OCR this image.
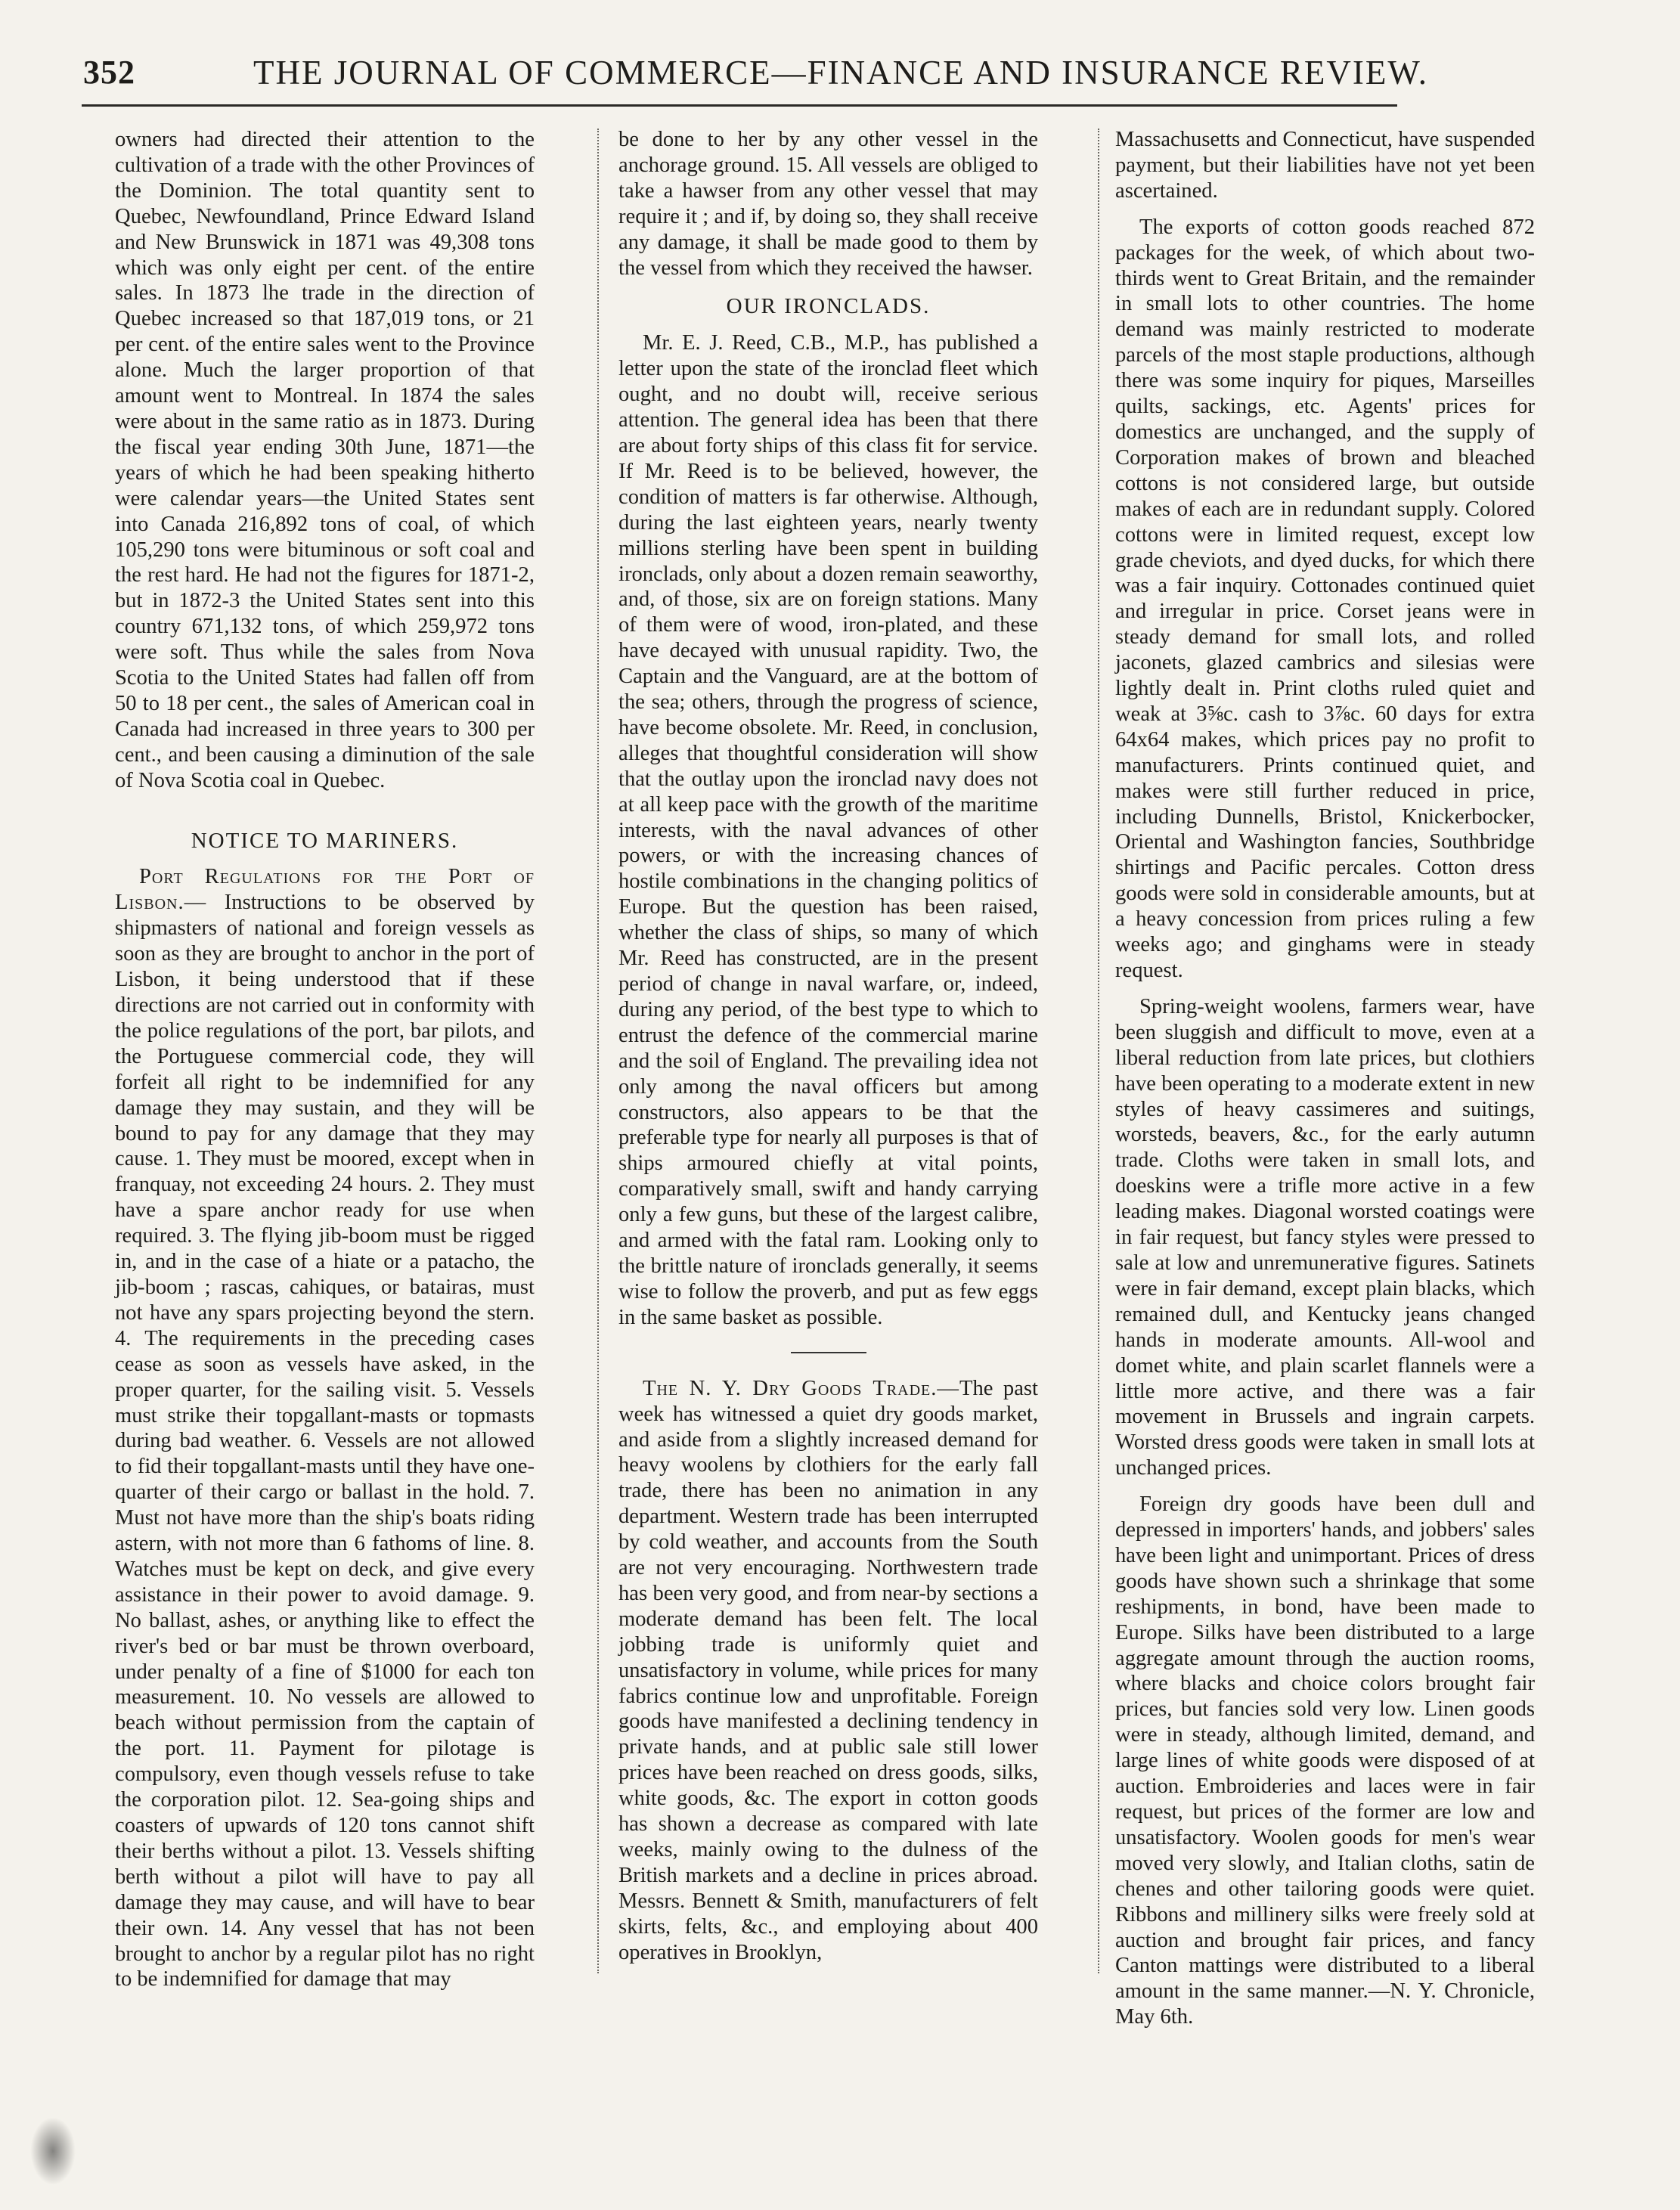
352	THE JOURNAL OF COMMERCE—FINANCE AND INSURANCE REVIEW.

owners had directed their attention to the cultivation of a trade with the other Provinces of the Dominion. The total quantity sent to Quebec, Newfoundland, Prince Edward Island and New Brunswick in 1871 was 49,308 tons which was only eight per cent. of the entire sales. In 1873 lhe trade in the direction of Quebec increased so that 187,019 tons, or 21 per cent. of the entire sales went to the Province alone. Much the larger proportion of that amount went to Montreal. In 1874 the sales were about in the same ratio as in 1873. During the fiscal year ending 30th June, 1871—the years of which he had been speaking hitherto were calendar years—the United States sent into Canada 216,892 tons of coal, of which 105,290 tons were bituminous or soft coal and the rest hard. He had not the figures for 1871-2, but in 1872-3 the United States sent into this country 671,132 tons, of which 259,972 tons were soft. Thus while the sales from Nova Scotia to the United States had fallen off from 50 to 18 per cent., the sales of American coal in Canada had increased in three years to 300 per cent., and been causing a diminution of the sale of Nova Scotia coal in Quebec.

NOTICE TO MARINERS.

Port Regulations for the Port of Lisbon.— Instructions to be observed by shipmasters of national and foreign vessels as soon as they are brought to anchor in the port of Lisbon, it being understood that if these directions are not carried out in conformity with the police regulations of the port, bar pilots, and the Portuguese commercial code, they will forfeit all right to be indemnified for any damage they may sustain, and they will be bound to pay for any damage that they may cause. 1. They must be moored, except when in franquay, not exceeding 24 hours. 2. They must have a spare anchor ready for use when required. 3. The flying jib-boom must be rigged in, and in the case of a hiate or a patacho, the jib-boom ; rascas, cahiques, or batairas, must not have any spars projecting beyond the stern. 4. The requirements in the preceding cases cease as soon as vessels have asked, in the proper quarter, for the sailing visit. 5. Vessels must strike their topgallant-masts or topmasts during bad weather. 6. Vessels are not allowed to fid their topgallant-masts until they have one-quarter of their cargo or ballast in the hold. 7. Must not have more than the ship's boats riding astern, with not more than 6 fathoms of line. 8. Watches must be kept on deck, and give every assistance in their power to avoid damage. 9. No ballast, ashes, or anything like to effect the river's bed or bar must be thrown overboard, under penalty of a fine of $1000 for each ton measurement. 10. No vessels are allowed to beach without permission from the captain of the port. 11. Payment for pilotage is compulsory, even though vessels refuse to take the corporation pilot. 12. Sea-going ships and coasters of upwards of 120 tons cannot shift their berths without a pilot. 13. Vessels shifting berth without a pilot will have to pay all damage they may cause, and will have to bear their own. 14. Any vessel that has not been brought to anchor by a regular pilot has no right to be indemnified for damage that may

be done to her by any other vessel in the anchorage ground. 15. All vessels are obliged to take a hawser from any other vessel that may require it ; and if, by doing so, they shall receive any damage, it shall be made good to them by the vessel from which they received the hawser.

OUR IRONCLADS.

Mr. E. J. Reed, C.B., M.P., has published a letter upon the state of the ironclad fleet which ought, and no doubt will, receive serious attention. The general idea has been that there are about forty ships of this class fit for service. If Mr. Reed is to be believed, however, the condition of matters is far otherwise. Although, during the last eighteen years, nearly twenty millions sterling have been spent in building ironclads, only about a dozen remain seaworthy, and, of those, six are on foreign stations. Many of them were of wood, iron-plated, and these have decayed with unusual rapidity. Two, the Captain and the Vanguard, are at the bottom of the sea; others, through the progress of science, have become obsolete. Mr. Reed, in conclusion, alleges that thoughtful consideration will show that the outlay upon the ironclad navy does not at all keep pace with the growth of the maritime interests, with the naval advances of other powers, or with the increasing chances of hostile combinations in the changing politics of Europe. But the question has been raised, whether the class of ships, so many of which Mr. Reed has constructed, are in the present period of change in naval warfare, or, indeed, during any period, of the best type to which to entrust the defence of the commercial marine and the soil of England. The prevailing idea not only among the naval officers but among constructors, also appears to be that the preferable type for nearly all purposes is that of ships armoured chiefly at vital points, comparatively small, swift and handy carrying only a few guns, but these of the largest calibre, and armed with the fatal ram. Looking only to the brittle nature of ironclads generally, it seems wise to follow the proverb, and put as few eggs in the same basket as possible.

The N. Y. Dry Goods Trade.—The past week has witnessed a quiet dry goods market, and aside from a slightly increased demand for heavy woolens by clothiers for the early fall trade, there has been no animation in any department. Western trade has been interrupted by cold weather, and accounts from the South are not very encouraging. Northwestern trade has been very good, and from near-by sections a moderate demand has been felt. The local jobbing trade is uniformly quiet and unsatisfactory in volume, while prices for many fabrics continue low and unprofitable. Foreign goods have manifested a declining tendency in private hands, and at public sale still lower prices have been reached on dress goods, silks, white goods, &c. The export in cotton goods has shown a decrease as compared with late weeks, mainly owing to the dulness of the British markets and a decline in prices abroad. Messrs. Bennett & Smith, manufacturers of felt skirts, felts, &c., and employing about 400 operatives in Brooklyn,

Massachusetts and Connecticut, have suspended payment, but their liabilities have not yet been ascertained.

The exports of cotton goods reached 872 packages for the week, of which about two-thirds went to Great Britain, and the remainder in small lots to other countries. The home demand was mainly restricted to moderate parcels of the most staple productions, although there was some inquiry for piques, Marseilles quilts, sackings, etc. Agents' prices for domestics are unchanged, and the supply of Corporation makes of brown and bleached cottons is not considered large, but outside makes of each are in redundant supply. Colored cottons were in limited request, except low grade cheviots, and dyed ducks, for which there was a fair inquiry. Cottonades continued quiet and irregular in price. Corset jeans were in steady demand for small lots, and rolled jaconets, glazed cambrics and silesias were lightly dealt in. Print cloths ruled quiet and weak at 3⅝c. cash to 3⅞c. 60 days for extra 64x64 makes, which prices pay no profit to manufacturers. Prints continued quiet, and makes were still further reduced in price, including Dunnells, Bristol, Knickerbocker, Oriental and Washington fancies, Southbridge shirtings and Pacific percales. Cotton dress goods were sold in considerable amounts, but at a heavy concession from prices ruling a few weeks ago; and ginghams were in steady request.

Spring-weight woolens, farmers wear, have been sluggish and difficult to move, even at a liberal reduction from late prices, but clothiers have been operating to a moderate extent in new styles of heavy cassimeres and suitings, worsteds, beavers, &c., for the early autumn trade. Cloths were taken in small lots, and doeskins were a trifle more active in a few leading makes. Diagonal worsted coatings were in fair request, but fancy styles were pressed to sale at low and unremunerative figures. Satinets were in fair demand, except plain blacks, which remained dull, and Kentucky jeans changed hands in moderate amounts. All-wool and domet white, and plain scarlet flannels were a little more active, and there was a fair movement in Brussels and ingrain carpets. Worsted dress goods were taken in small lots at unchanged prices.

Foreign dry goods have been dull and depressed in importers' hands, and jobbers' sales have been light and unimportant. Prices of dress goods have shown such a shrinkage that some reshipments, in bond, have been made to Europe. Silks have been distributed to a large aggregate amount through the auction rooms, where blacks and choice colors brought fair prices, but fancies sold very low. Linen goods were in steady, although limited, demand, and large lines of white goods were disposed of at auction. Embroideries and laces were in fair request, but prices of the former are low and unsatisfactory. Woolen goods for men's wear moved very slowly, and Italian cloths, satin de chenes and other tailoring goods were quiet. Ribbons and millinery silks were freely sold at auction and brought fair prices, and fancy Canton mattings were distributed to a liberal amount in the same manner.—N. Y. Chronicle, May 6th.
